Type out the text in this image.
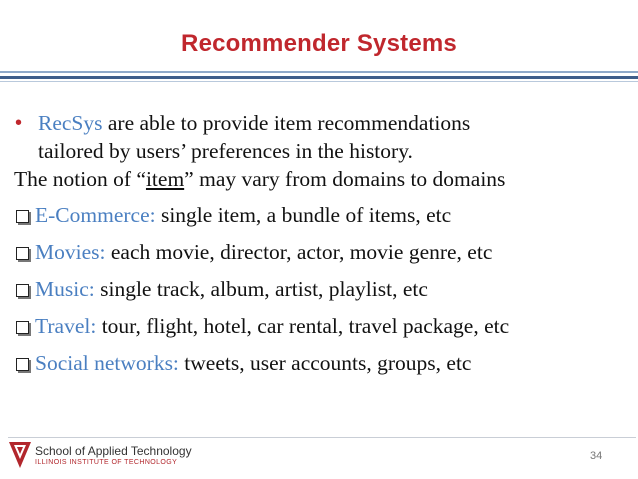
Recommender Systems
• RecSys are able to provide item recommendations
tailored by users’ preferences in the history.
The notion of “item” may vary from domains to domains
E-Commerce: single item, a bundle of items, etc
Movies: each movie, director, actor, movie genre, etc
Music: single track, album, artist, playlist, etc
Travel: tour, flight, hotel, car rental, travel package, etc
Social networks: tweets, user accounts, groups, etc
School of Applied Technology
ILLINOIS INSTITUTE OF TECHNOLOGY
34
